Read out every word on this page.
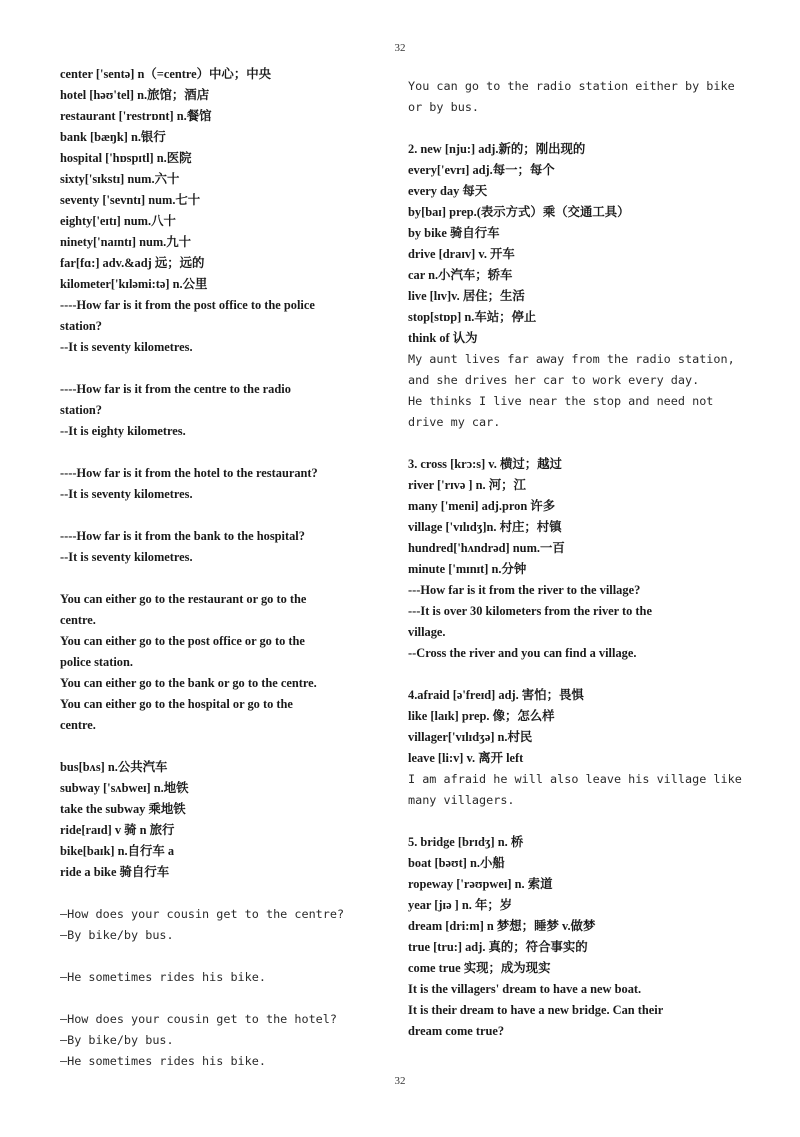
32
center ['sentə] n（=centre）中心；中央
hotel [həʊ'tel] n.旅馆；酒店
restaurant ['restrɒnt] n.餐馆
bank [bæŋk] n.银行
hospital ['hɒspɪtl] n.医院
sixty['sɪkstɪ] num.六十
seventy ['sevntɪ] num.七十
eighty['eɪtɪ] num.八十
ninety['naɪntɪ] num.九十
far[fɑ:] adv.&adj 远；远的
kilometer['kɪləmi:tə] n.公里
----How far is it from the post office to the police
station?
--It is seventy kilometres.
----How far is it from the centre to the radio
station?
--It is eighty kilometres.
----How far is it from the hotel to the restaurant?
--It is seventy kilometres.
----How far is it from the bank to the hospital?
--It is seventy kilometres.
You can either go to the restaurant or go to the
centre.
You can either go to the post office or go to the
police station.
You can either go to the bank or go to the centre.
You can either go to the hospital or go to the
centre.
bus[bʌs] n.公共汽车
subway ['sʌbweɪ] n.地铁
take the subway 乘地铁
ride[raɪd] v 骑 n 旅行
bike[baɪk] n.自行车 a
ride a bike 骑自行车
—How does your cousin get to the centre?
—By bike/by bus.
—He sometimes rides his bike.
—How does your cousin get to the hotel?
—By bike/by bus.
—He sometimes rides his bike.
You can go to the radio station either by bike
or by bus.
2. new [nju:] adj.新的；刚出现的
every['evrɪ] adj.每一；每个
every day 每天
by[baɪ] prep.(表示方式）乘（交通工具）
by bike 骑自行车
drive [draɪv] v. 开车
car n.小汽车；轿车
live [lɪv]v. 居住；生活
stop[stɒp] n.车站；停止
think of 认为
My aunt lives far away from the radio station,
and she drives her car to work every day.
He thinks I live near the stop and need not
drive my car.
3. cross [krɔ:s] v. 横过；越过
river ['rɪvə ] n. 河；江
many ['meni] adj.pron 许多
village ['vɪlɪdʒ]n. 村庄；村镇
hundred['hʌndrəd] num.一百
minute ['mɪnɪt] n.分钟
---How far is it from the river to the village?
---It is over 30 kilometers from the river to the
village.
--Cross the river and you can find a village.
4.afraid [ə'freɪd] adj. 害怕；畏惧
like [laɪk] prep. 像；怎么样
villager['vɪlɪdʒə] n.村民
leave [li:v] v. 离开 left
I am afraid he will also leave his village like
many villagers.
5. bridge [brɪdʒ] n. 桥
boat [bəʊt] n.小船
ropeway ['rəʊpweɪ] n. 索道
year [jɪə ] n. 年；岁
dream [dri:m] n 梦想；睡梦 v.做梦
true [tru:] adj. 真的；符合事实的
come true 实现；成为现实
It is the villagers' dream to have a new boat.
It is their dream to have a new bridge. Can their
dream come true?
32
